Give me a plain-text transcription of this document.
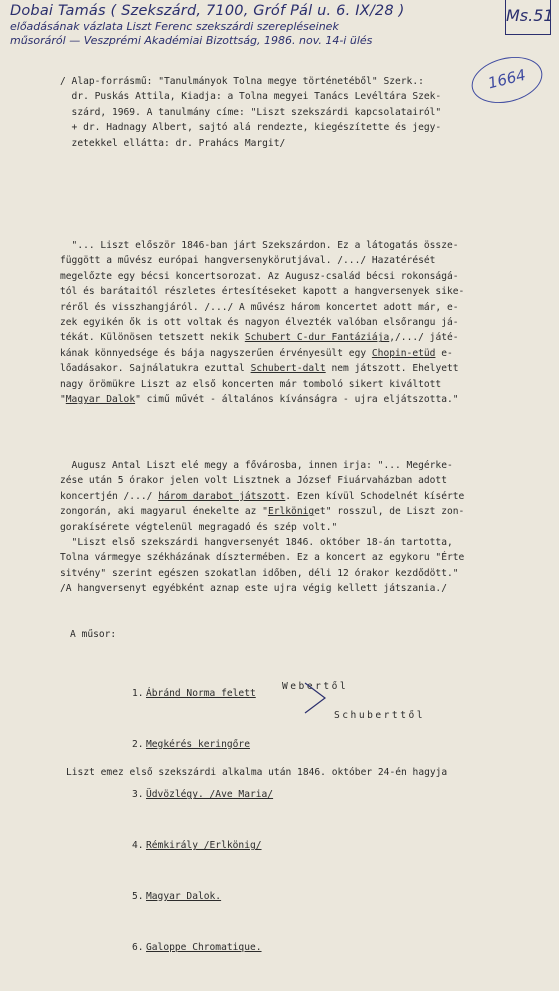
Dobai Tamás ( Szekszárd, 7100, Gróf Pál u. 6. IX/28 )
előadásának vázlata Liszt Ferenc szekszárdi szerepléseinek
műsoráról — Veszprémi Akadémiai Bizottság, 1986. nov. 14-i ülés
Ms.51
1664
/ Alap-forrásmű: "Tanulmányok Tolna megye történetéből" Szerk.:
dr. Puskás Attila, Kiadja: a Tolna megyei Tanács Levéltára Szek-
szárd, 1969. A tanulmány címe: "Liszt szekszárdi kapcsolatairól"
+ dr. Hadnagy Albert, sajtó alá rendezte, kiegészítette és jegy-
zetekkel ellátta: dr. Prahács Margit/
"... Liszt először 1846-ban járt Szekszárdon. Ez a látogatás össze-
függött a művész európai hangversenykörutjával. /.../ Hazatérését
megelőzte egy bécsi koncertsorozat. Az Augusz-család bécsi rokonságá-
tól és barátaitól részletes értesítéseket kapott a hangversenyek sike-
réről és visszhangjáról. /.../ A művész három koncertet adott már, e-
zek egyikén ők is ott voltak és nagyon élvezték valóban elsőrangu já-
tékát. Különösen tetszett nekik Schubert C-dur Fantáziája,/.../ játé-
kának könnyedsége és bája nagyszerűen érvényesült egy Chopin-etüd e-
lőadásakor. Sajnálatukra ezuttal Schubert-dalt nem játszott. Ehelyett
nagy örömükre Liszt az első koncerten már tomboló sikert kiváltott
"Magyar Dalok" cimű művét - általános kívánságra - ujra eljátszotta."
Augusz Antal Liszt elé megy a fővárosba, innen irja: "... Megérke-
zése után 5 órakor jelen volt Lisztnek a József Fiuárvaházban adott
koncertjén /.../ három darabot játszott. Ezen kívül Schodelnét kísérte
zongorán, aki magyarul énekelte az "Erlköniget" rosszul, de Liszt zon-
gorakísérete végtelenül megragadó és szép volt."
"Liszt első szekszárdi hangversenyét 1846. október 18-án tartotta,
Tolna vármegye székházának dísztermében. Ez a koncert az egykoru "Érte
sitvény" szerint egészen szokatlan időben, déli 12 órakor kezdődött."
/A hangversenyt egyébként aznap este ujra végig kellett játszania./
A műsor:

1. Ábránd Norma felett

2. Megkérés keringőre

3. Üdvözlégy. /Ave Maria/

4. Rémkirály /Erlkönig/

5. Magyar Dalok.

6. Galoppe Chromatique.

Webertől
Schuberttől
Liszt emez első szekszárdi alkalma után 1846. október 24-én hagyja
